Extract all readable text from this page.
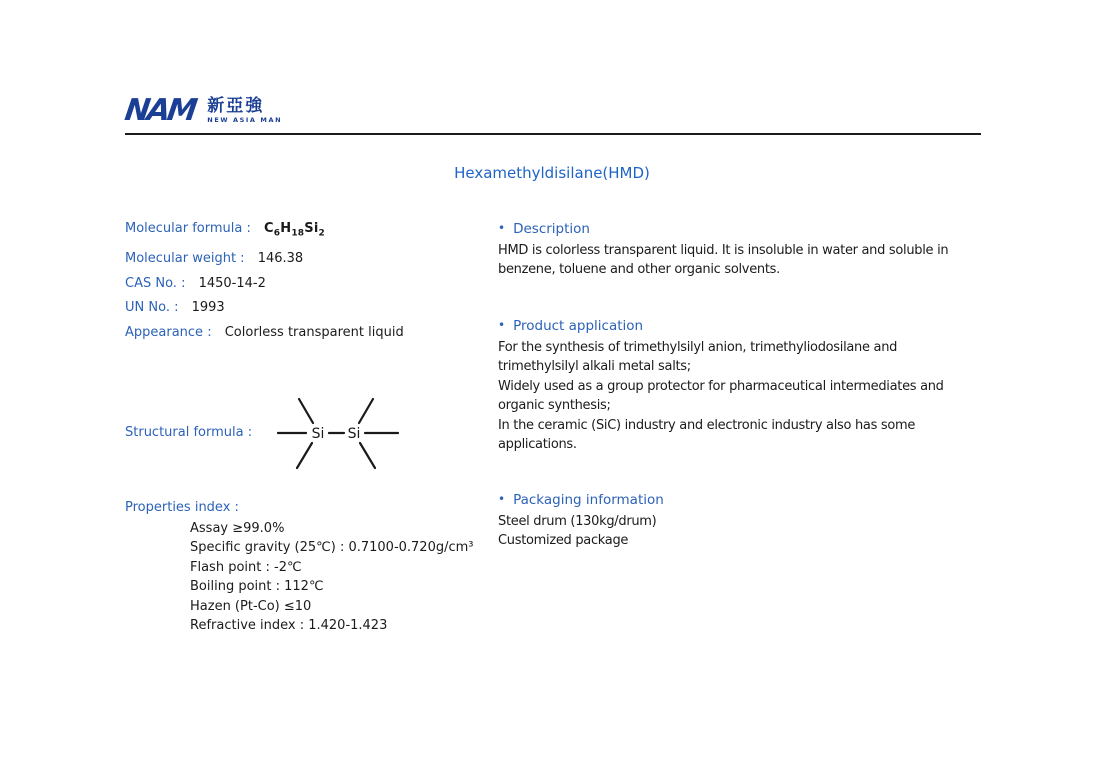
NAM 新亞強
NEW ASIA MAN
Hexamethyldisilane(HMD)
Molecular formula : $C_6H_{18}Si_2$
Molecular weight : 146.38
CAS No. : 1450-14-2
UN No. : 1993
Appearance : Colorless transparent liquid
Structural formula :	Si Si
Properties index :
Assay ≥99.0%
Specific gravity (25℃) : 0.7100-0.720g/cm³
Flash point : -2℃
Boiling point : 112℃
Hazen (Pt-Co) ≤10
Refractive index : 1.420-1.423
• Description

HMD is colorless transparent liquid. It is insoluble in water and soluble in benzene, toluene and other organic solvents.

• Product application

For the synthesis of trimethylsilyl anion, trimethyliodosilane and trimethylsilyl alkali metal salts;

Widely used as a group protector for pharmaceutical intermediates and organic synthesis;

In the ceramic (SiC) industry and electronic industry also has some applications.

• Packaging information

Steel drum (130kg/drum)

Customized package
